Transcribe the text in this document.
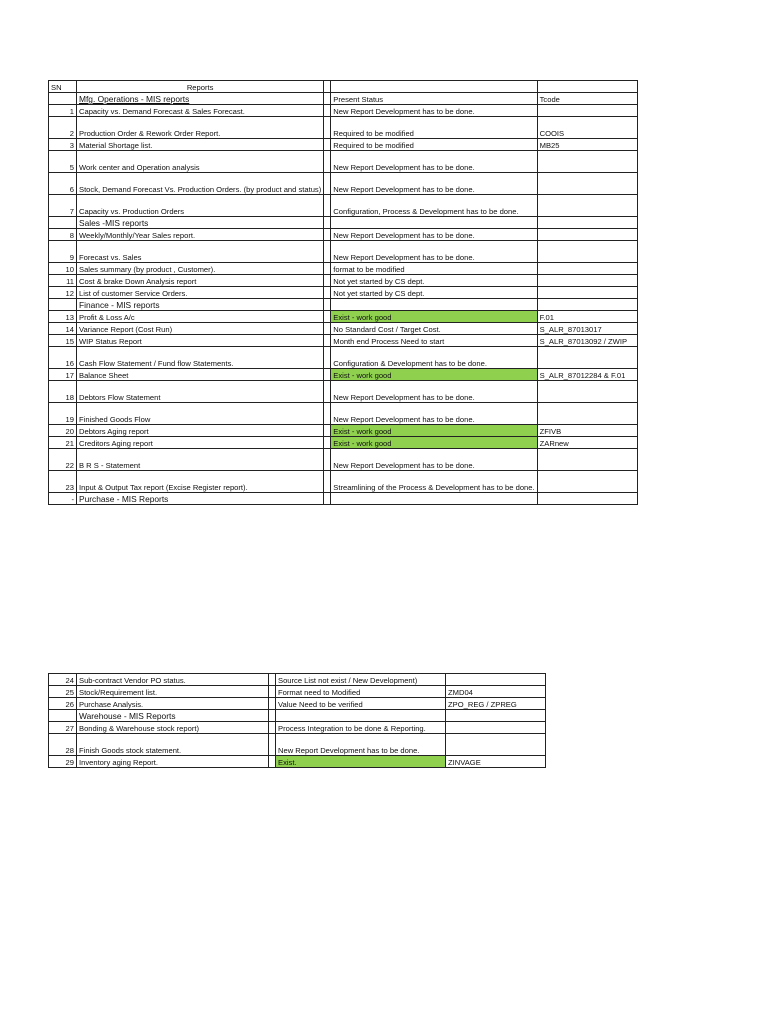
SN	Reports			
	Mfg. Operations - MIS reports		Present Status	Tcode
1	Capacity vs. Demand Forecast & Sales Forecast.		New Report Development has to be done.	
2	Production Order & Rework Order Report.		Required to be modified	COOIS
3	Material Shortage list.		Required to be modified	MB25
5	Work center and Operation analysis		New Report Development has to be done.	
6	Stock, Demand Forecast Vs. Production Orders. (by product and status)		New Report Development has to be done.	
7	Capacity vs. Production Orders		Configuration, Process & Development has to be done.	
	Sales -MIS reports			
8	Weekly/Monthly/Year Sales report.		New Report Development has to be done.	
9	Forecast vs. Sales		New Report Development has to be done.	
10	Sales summary (by product , Customer).		format to be modified	
11	Cost & brake Down Analysis report		Not yet started by CS dept.	
12	List of customer Service Orders.		Not yet started by CS dept.	
	Finance - MIS reports			
13	Profit & Loss A/c		Exist - work good	F.01
14	Variance Report (Cost Run)		No Standard Cost / Target Cost.	S_ALR_87013017
15	WIP Status Report		Month end Process Need to start	S_ALR_87013092 / ZWIP
16	Cash Flow Statement / Fund flow Statements.		Configuration & Development has to be done.	
17	Balance Sheet		Exist - work good	S_ALR_87012284 & F.01
18	Debtors Flow Statement		New Report Development has to be done.	
19	Finished Goods Flow		New Report Development has to be done.	
20	Debtors Aging report		Exist - work good	ZFIVB
21	Creditors Aging report		Exist - work good	ZARnew
22	B R S - Statement		New Report Development has to be done.	
23	Input & Output Tax report (Excise Register report).		Streamlining of the Process & Development has to be done.	
-	Purchase - MIS Reports			
24	Sub-contract Vendor PO status.		Source List not exist / New Development)	
25	Stock/Requirement list.		Format need to Modified	ZMD04
26	Purchase Analysis.		Value Need to be verified	ZPO_REG / ZPREG
	Warehouse - MIS Reports			
27	Bonding & Warehouse stock report)		Process Integration to be done & Reporting.	
28	Finish Goods stock statement.		New Report Development has to be done.	
29	Inventory aging Report.		Exist.	ZINVAGE
